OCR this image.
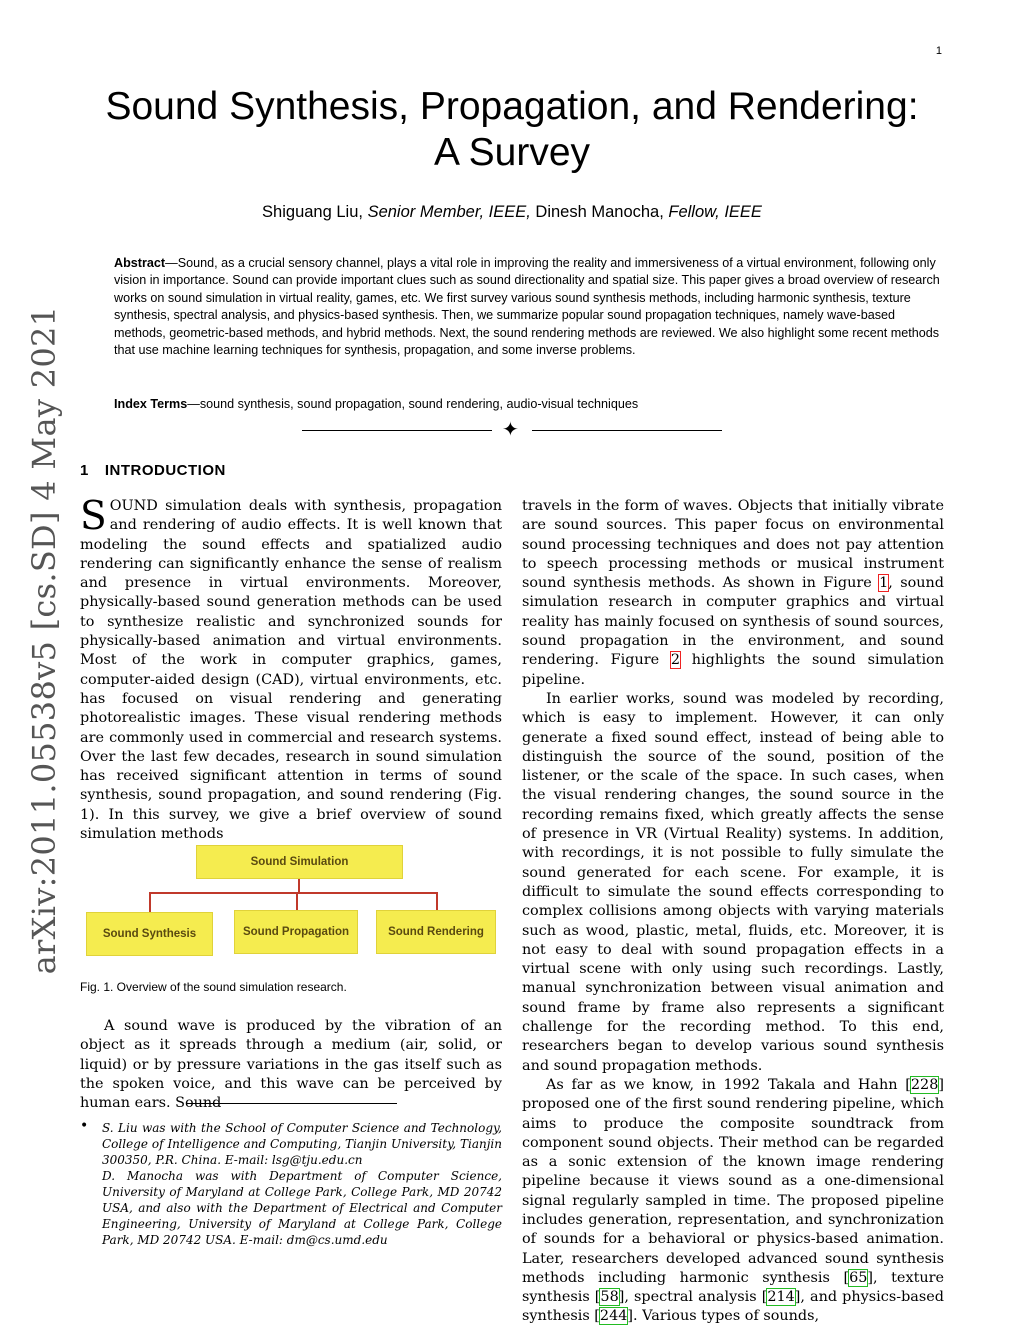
1
arXiv:2011.05538v5 [cs.SD] 4 May 2021
Sound Synthesis, Propagation, and Rendering:
A Survey
Shiguang Liu, Senior Member, IEEE, Dinesh Manocha, Fellow, IEEE
Abstract—Sound, as a crucial sensory channel, plays a vital role in improving the reality and immersiveness of a virtual environment, following only vision in importance. Sound can provide important clues such as sound directionality and spatial size. This paper gives a broad overview of research works on sound simulation in virtual reality, games, etc. We first survey various sound synthesis methods, including harmonic synthesis, texture synthesis, spectral analysis, and physics-based synthesis. Then, we summarize popular sound propagation techniques, namely wave-based methods, geometric-based methods, and hybrid methods. Next, the sound rendering methods are reviewed. We also highlight some recent methods that use machine learning techniques for synthesis, propagation, and some inverse problems.
Index Terms—sound synthesis, sound propagation, sound rendering, audio-visual techniques
✦
1 INTRODUCTION

SOUND simulation deals with synthesis, propagation and rendering of audio effects. It is well known that modeling the sound effects and spatialized audio rendering can significantly enhance the sense of realism and presence in virtual environments. Moreover, physically-based sound generation methods can be used to synthesize realistic and synchronized sounds for physically-based animation and virtual environments. Most of the work in computer graphics, games, computer-aided design (CAD), virtual environments, etc. has focused on visual rendering and generating photorealistic images. These visual rendering methods are commonly used in commercial and research systems. Over the last few decades, research in sound simulation has received significant attention in terms of sound synthesis, sound propagation, and sound rendering (Fig. 1). In this survey, we give a brief overview of sound simulation methods

Sound Simulation
Sound Synthesis	Sound Propagation	Sound Rendering
Fig. 1. Overview of the sound simulation research.

A sound wave is produced by the vibration of an object as it spreads through a medium (air, solid, or liquid) or by pressure variations in the gas itself such as the spoken voice, and this wave can be perceived by human ears. Sound

• S. Liu was with the School of Computer Science and Technology, College of Intelligence and Computing, Tianjin University, Tianjin 300350, P.R. China. E-mail: lsg@tju.edu.cn

D. Manocha was with Department of Computer Science, University of Maryland at College Park, College Park, MD 20742 USA, and also with the Department of Electrical and Computer Engineering, University of Maryland at College Park, College Park, MD 20742 USA. E-mail: dm@cs.umd.edu

travels in the form of waves. Objects that initially vibrate are sound sources. This paper focus on environmental sound processing techniques and does not pay attention to speech processing methods or musical instrument sound synthesis methods. As shown in Figure 1, sound simulation research in computer graphics and virtual reality has mainly focused on synthesis of sound sources, sound propagation in the environment, and sound rendering. Figure 2 highlights the sound simulation pipeline.

In earlier works, sound was modeled by recording, which is easy to implement. However, it can only generate a fixed sound effect, instead of being able to distinguish the source of the sound, position of the listener, or the scale of the space. In such cases, when the visual rendering changes, the sound source in the recording remains fixed, which greatly affects the sense of presence in VR (Virtual Reality) systems. In addition, with recordings, it is not possible to fully simulate the sound generated for each scene. For example, it is difficult to simulate the sound effects corresponding to complex collisions among objects with varying materials such as wood, plastic, metal, fluids, etc. Moreover, it is not easy to deal with sound propagation effects in a virtual scene with only using such recordings. Lastly, manual synchronization between visual animation and sound frame by frame also represents a significant challenge for the recording method. To this end, researchers began to develop various sound synthesis and sound propagation methods.

As far as we know, in 1992 Takala and Hahn [228] proposed one of the first sound rendering pipeline, which aims to produce the composite soundtrack from component sound objects. Their method can be regarded as a sonic extension of the known image rendering pipeline because it views sound as a one-dimensional signal regularly sampled in time. The proposed pipeline includes generation, representation, and synchronization of sounds for a behavioral or physics-based animation. Later, researchers developed advanced sound synthesis methods including harmonic synthesis [65], texture synthesis [58], spectral analysis [214], and physics-based synthesis [244]. Various types of sounds,
